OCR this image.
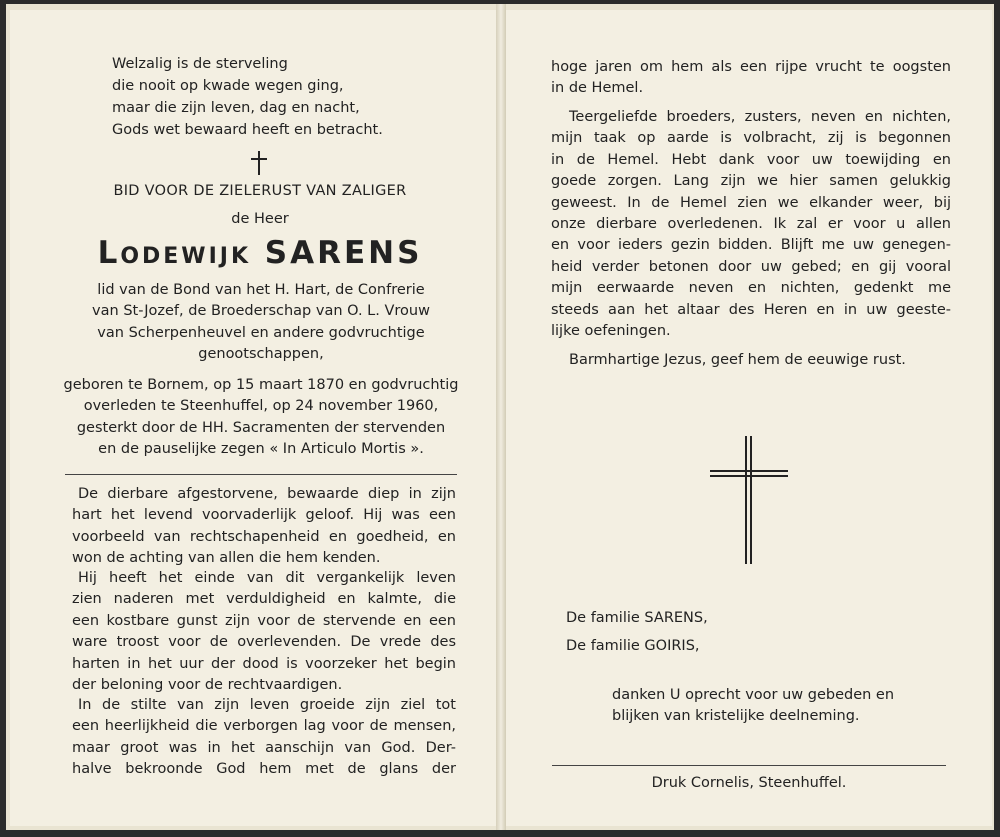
Welzalig is de sterveling
die nooit op kwade wegen ging,
maar die zijn leven, dag en nacht,
Gods wet bewaard heeft en betracht.
BID VOOR DE ZIELERUST VAN ZALIGER
de Heer
Lodewijk SARENS
lid van de Bond van het H. Hart, de Confrerie
van St-Jozef, de Broederschap van O. L. Vrouw
van Scherpenheuvel en andere godvruchtige
genootschappen,
geboren te Bornem, op 15 maart 1870 en godvruchtig
overleden te Steenhuffel, op 24 november 1960,
gesterkt door de HH. Sacramenten der stervenden
en de pauselijke zegen « In Articulo Mortis ».
De dierbare afgestorvene, bewaarde diep in zijn
hart het levend voorvaderlijk geloof. Hij was een
voorbeeld van rechtschapenheid en goedheid, en
won de achting van allen die hem kenden.
Hij heeft het einde van dit vergankelijk leven
zien naderen met verduldigheid en kalmte, die
een kostbare gunst zijn voor de stervende en een
ware troost voor de overlevenden. De vrede des
harten in het uur der dood is voorzeker het begin
der beloning voor de rechtvaardigen.
In de stilte van zijn leven groeide zijn ziel tot
een heerlijkheid die verborgen lag voor de mensen,
maar groot was in het aanschijn van God. Der-
halve bekroonde God hem met de glans der
hoge jaren om hem als een rijpe vrucht te oogsten
in de Hemel.
Teergeliefde broeders, zusters, neven en nichten,
mijn taak op aarde is volbracht, zij is begonnen
in de Hemel. Hebt dank voor uw toewijding en
goede zorgen. Lang zijn we hier samen gelukkig
geweest. In de Hemel zien we elkander weer, bij
onze dierbare overledenen. Ik zal er voor u allen
en voor ieders gezin bidden. Blijft me uw genegen-
heid verder betonen door uw gebed; en gij vooral
mijn eerwaarde neven en nichten, gedenkt me
steeds aan het altaar des Heren en in uw geeste-
lijke oefeningen.
Barmhartige Jezus, geef hem de eeuwige rust.
De familie SARENS,
De familie GOIRIS,
danken U oprecht voor uw gebeden en
blijken van kristelijke deelneming.
Druk Cornelis, Steenhuffel.
